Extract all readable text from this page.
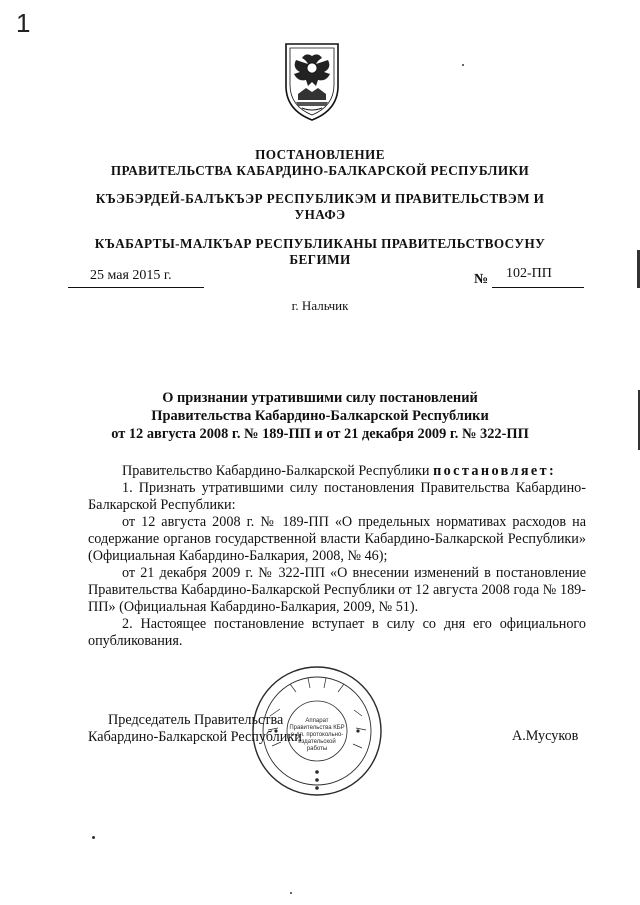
1
ПОСТАНОВЛЕНИЕ
ПРАВИТЕЛЬСТВА КАБАРДИНО-БАЛКАРСКОЙ РЕСПУБЛИКИ
КЪЭБЭРДЕЙ-БАЛЪКЪЭР РЕСПУБЛИКЭМ И ПРАВИТЕЛЬСТВЭМ И УНАФЭ
КЪАБАРТЫ-МАЛКЪАР РЕСПУБЛИКАНЫ ПРАВИТЕЛЬСТВОСУНУ БЕГИМИ
25 мая 2015 г.	№ 102-ПП
г. Нальчик
О признании утратившими силу постановлений
Правительства Кабардино-Балкарской Республики
от 12 августа 2008 г. № 189-ПП и от 21 декабря 2009 г. № 322-ПП

Правительство Кабардино-Балкарской Республики постановляет:

1. Признать утратившими силу постановления Правительства Кабардино-Балкарской Республики:

от 12 августа 2008 г. № 189-ПП «О предельных нормативах расходов на содержание органов государственной власти Кабардино-Балкарской Республики» (Официальная Кабардино-Балкария, 2008, № 46);

от 21 декабря 2009 г. № 322-ПП «О внесении изменений в постановление Правительства Кабардино-Балкарской Республики от 12 августа 2008 года № 189-ПП» (Официальная Кабардино-Балкария, 2009, № 51).

2. Настоящее постановление вступает в силу со дня его официального опубликования.

Аппарат
Правительства КБР
о-дл. протокольно-
издательской
работы
Председатель Правительства
Кабардино-Балкарской Республики	А.Мусуков
